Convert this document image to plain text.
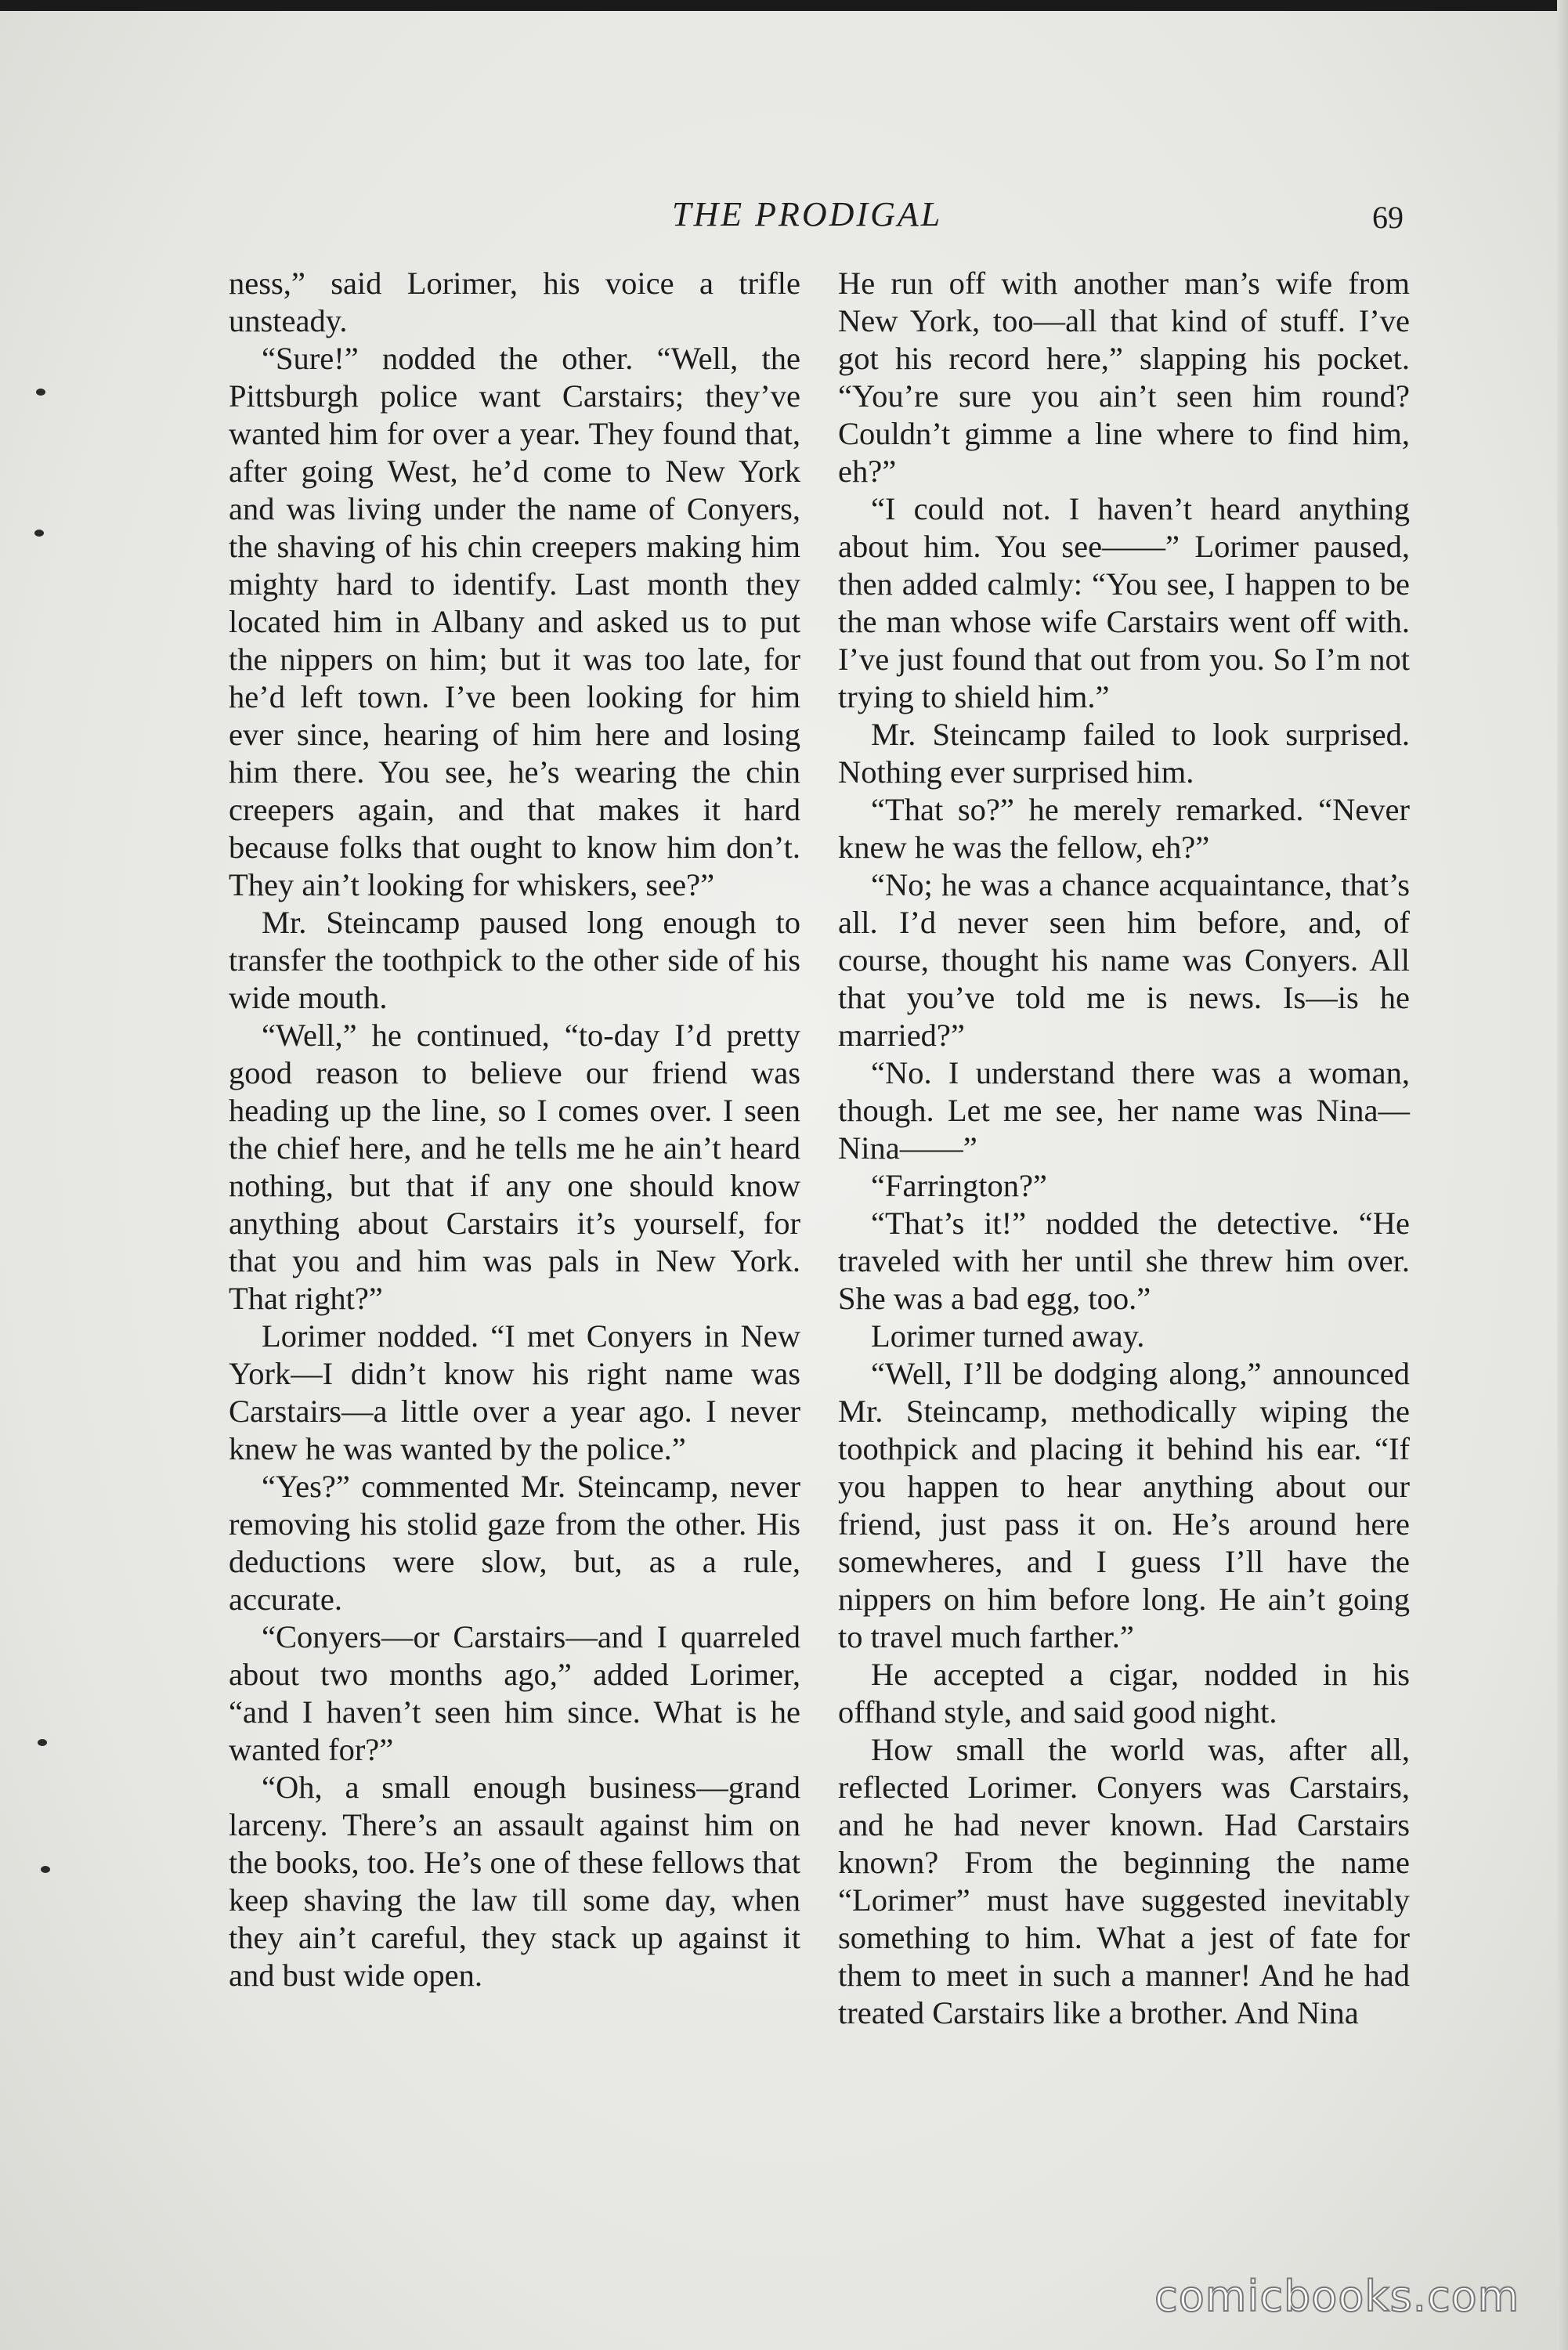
THE PRODIGAL	69

ness,” said Lorimer, his voice a trifle unsteady.

“Sure!” nodded the other. “Well, the Pittsburgh police want Carstairs; they’ve wanted him for over a year. They found that, after going West, he’d come to New York and was living under the name of Conyers, the shaving of his chin creepers making him mighty hard to identify. Last month they located him in Albany and asked us to put the nippers on him; but it was too late, for he’d left town. I’ve been looking for him ever since, hearing of him here and losing him there. You see, he’s wearing the chin creepers again, and that makes it hard because folks that ought to know him don’t. They ain’t looking for whiskers, see?”

Mr. Steincamp paused long enough to transfer the toothpick to the other side of his wide mouth.

“Well,” he continued, “to-day I’d pretty good reason to believe our friend was heading up the line, so I comes over. I seen the chief here, and he tells me he ain’t heard nothing, but that if any one should know anything about Carstairs it’s yourself, for that you and him was pals in New York. That right?”

Lorimer nodded. “I met Conyers in New York—I didn’t know his right name was Carstairs—a little over a year ago. I never knew he was wanted by the police.”

“Yes?” commented Mr. Steincamp, never removing his stolid gaze from the other. His deductions were slow, but, as a rule, accurate.

“Conyers—or Carstairs—and I quarreled about two months ago,” added Lorimer, “and I haven’t seen him since. What is he wanted for?”

“Oh, a small enough business—grand larceny. There’s an assault against him on the books, too. He’s one of these fellows that keep shaving the law till some day, when they ain’t careful, they stack up against it and bust wide open.

He run off with another man’s wife from New York, too—all that kind of stuff. I’ve got his record here,” slapping his pocket. “You’re sure you ain’t seen him round? Couldn’t gimme a line where to find him, eh?”

“I could not. I haven’t heard anything about him. You see——” Lorimer paused, then added calmly: “You see, I happen to be the man whose wife Carstairs went off with. I’ve just found that out from you. So I’m not trying to shield him.”

Mr. Steincamp failed to look surprised. Nothing ever surprised him.

“That so?” he merely remarked. “Never knew he was the fellow, eh?”

“No; he was a chance acquaintance, that’s all. I’d never seen him before, and, of course, thought his name was Conyers. All that you’ve told me is news. Is—is he married?”

“No. I understand there was a woman, though. Let me see, her name was Nina—Nina——”

“Farrington?”

“That’s it!” nodded the detective. “He traveled with her until she threw him over. She was a bad egg, too.”

Lorimer turned away.

“Well, I’ll be dodging along,” announced Mr. Steincamp, methodically wiping the toothpick and placing it behind his ear. “If you happen to hear anything about our friend, just pass it on. He’s around here somewheres, and I guess I’ll have the nippers on him before long. He ain’t going to travel much farther.”

He accepted a cigar, nodded in his offhand style, and said good night.

How small the world was, after all, reflected Lorimer. Conyers was Carstairs, and he had never known. Had Carstairs known? From the beginning the name “Lorimer” must have suggested inevitably something to him. What a jest of fate for them to meet in such a manner! And he had treated Carstairs like a brother. And Nina

comicbooks.com
